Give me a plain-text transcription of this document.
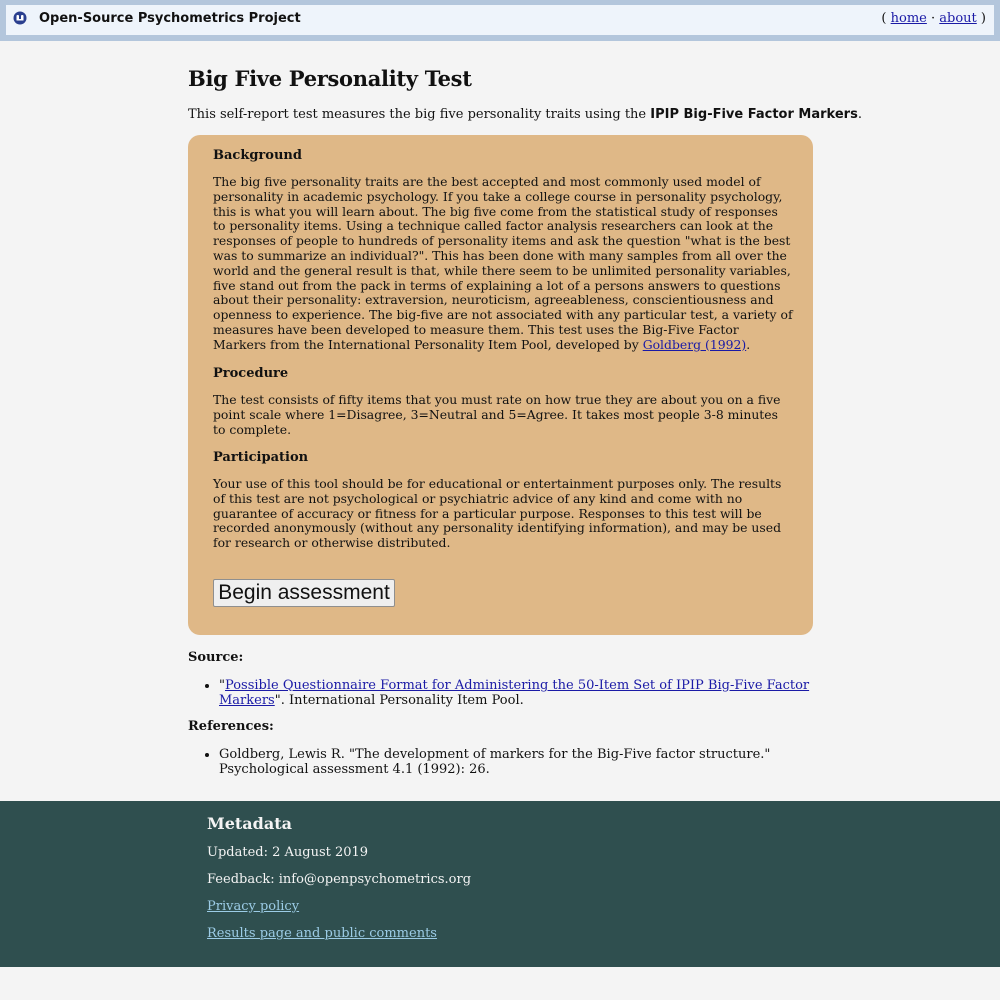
Open-Source Psychometrics Project	( home · about )
Big Five Personality Test
This self-report test measures the big five personality traits using the IPIP Big-Five Factor Markers.
Background

The big five personality traits are the best accepted and most commonly used model of personality in academic psychology. If you take a college course in personality psychology, this is what you will learn about. The big five come from the statistical study of responses to personality items. Using a technique called factor analysis researchers can look at the responses of people to hundreds of personality items and ask the question "what is the best was to summarize an individual?". This has been done with many samples from all over the world and the general result is that, while there seem to be unlimited personality variables, five stand out from the pack in terms of explaining a lot of a persons answers to questions about their personality: extraversion, neuroticism, agreeableness, conscientiousness and openness to experience. The big-five are not associated with any particular test, a variety of measures have been developed to measure them. This test uses the Big-Five Factor Markers from the International Personality Item Pool, developed by Goldberg (1992).

Procedure

The test consists of fifty items that you must rate on how true they are about you on a five point scale where 1=Disagree, 3=Neutral and 5=Agree. It takes most people 3-8 minutes to complete.

Participation

Your use of this tool should be for educational or entertainment purposes only. The results of this test are not psychological or psychiatric advice of any kind and come with no guarantee of accuracy or fitness for a particular purpose. Responses to this test will be recorded anonymously (without any personality identifying information), and may be used for research or otherwise distributed.

Begin assessment
Source:
• "Possible Questionnaire Format for Administering the 50-Item Set of IPIP Big-Five Factor Markers". International Personality Item Pool.
References:
• Goldberg, Lewis R. "The development of markers for the Big-Five factor structure." Psychological assessment 4.1 (1992): 26.
Metadata

Updated: 2 August 2019

Feedback: info@openpsychometrics.org

Privacy policy

Results page and public comments
